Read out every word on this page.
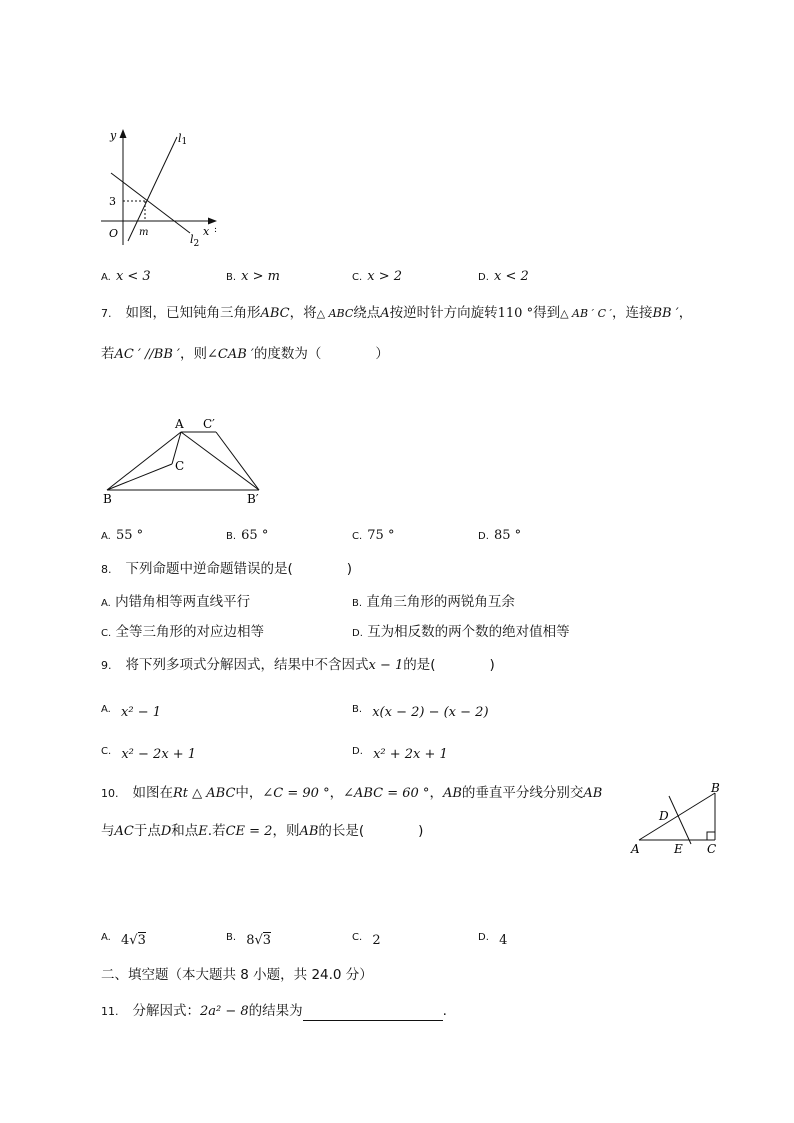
y	l1
3
O m	x :
$l_2$
A. x < 3	B. x > m	C. x > 2	D. x < 2
7. 如图，已知钝角三角形ABC，将△ ABC绕点A按逆时针方向旋转110 °得到△ AB ′ C ′，连接BB ′，
若AC ′ //BB ′，则∠CAB ′的度数为（　　　　）
A C′
C
B	B′
A. 55 °	B. 65 °	C. 75 °	D. 85 °
8. 下列命题中逆命题错误的是(　　　　)
A. 内错角相等两直线平行	B. 直角三角形的两锐角互余
C. 全等三角形的对应边相等	D. 互为相反数的两个数的绝对值相等
9. 将下列多项式分解因式，结果中不含因式x − 1的是(　　　　)
$^{A.}$ x² − 1	$^{B.}$ x(x − 2) − (x − 2)
$^{C.}$ x² − 2x + 1	$^{D.}$ x² + 2x + 1
10. 如图在Rt △ ABC中，∠C = 90 °，∠ABC = 60 °，AB的垂直平分线分别交AB
与AC于点D和点E.若CE = 2，则AB的长是(　　　　)
B
D
A	E C
$^{A.}$ 4√3	$^{B.}$ 8√3	$^{C.}$ 2	$^{D.}$ 4
二、填空题（本大题共 8 小题，共 24.0 分）
11. 分解因式：2a² − 8的结果为	.
